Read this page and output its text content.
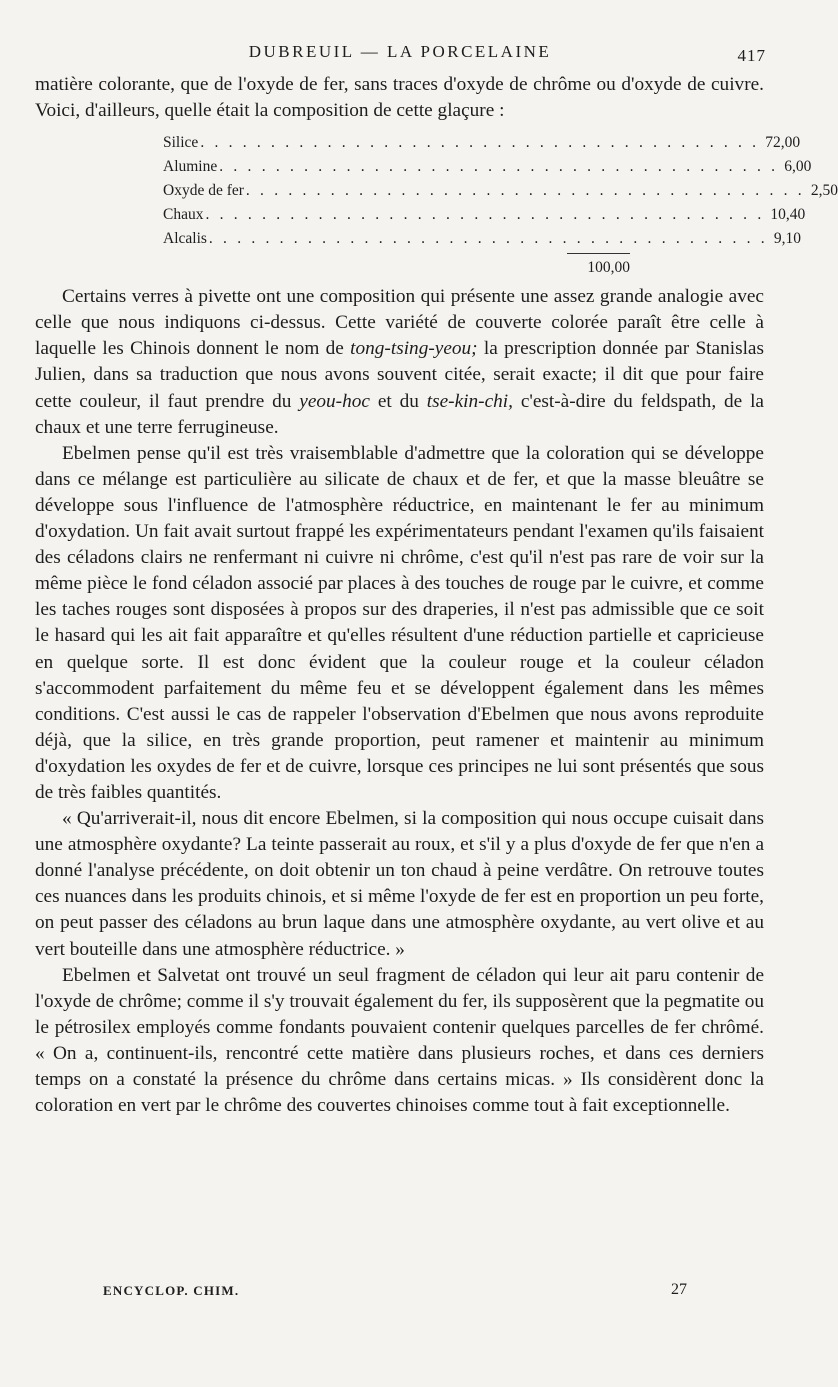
DUBREUIL — LA PORCELAINE	417

matière colorante, que de l'oxyde de fer, sans traces d'oxyde de chrôme ou d'oxyde de cuivre. Voici, d'ailleurs, quelle était la composition de cette glaçure :

Silice . . . . . . . . . . . . . . . . . . . . . . . . . . . . . . . . . . . . . . . . 72,00
Alumine . . . . . . . . . . . . . . . . . . . . . . . . . . . . . . . . . . . . . . . . 6,00
Oxyde de fer . . . . . . . . . . . . . . . . . . . . . . . . . . . . . . . . . . . . . . . . 2,50
Chaux . . . . . . . . . . . . . . . . . . . . . . . . . . . . . . . . . . . . . . . . 10,40
Alcalis . . . . . . . . . . . . . . . . . . . . . . . . . . . . . . . . . . . . . . . . 9,10
100,00

Certains verres à pivette ont une composition qui présente une assez grande analogie avec celle que nous indiquons ci-dessus. Cette variété de couverte colorée paraît être celle à laquelle les Chinois donnent le nom de tong-tsing-yeou; la prescription donnée par Stanislas Julien, dans sa traduction que nous avons souvent citée, serait exacte; il dit que pour faire cette couleur, il faut prendre du yeou-hoc et du tse-kin-chi, c'est-à-dire du feldspath, de la chaux et une terre ferrugineuse.

Ebelmen pense qu'il est très vraisemblable d'admettre que la coloration qui se développe dans ce mélange est particulière au silicate de chaux et de fer, et que la masse bleuâtre se développe sous l'influence de l'atmosphère réductrice, en maintenant le fer au minimum d'oxydation. Un fait avait surtout frappé les expérimentateurs pendant l'examen qu'ils faisaient des céladons clairs ne renfermant ni cuivre ni chrôme, c'est qu'il n'est pas rare de voir sur la même pièce le fond céladon associé par places à des touches de rouge par le cuivre, et comme les taches rouges sont disposées à propos sur des draperies, il n'est pas admissible que ce soit le hasard qui les ait fait apparaître et qu'elles résultent d'une réduction partielle et capricieuse en quelque sorte. Il est donc évident que la couleur rouge et la couleur céladon s'accommodent parfaitement du même feu et se développent également dans les mêmes conditions. C'est aussi le cas de rappeler l'observation d'Ebelmen que nous avons reproduite déjà, que la silice, en très grande proportion, peut ramener et maintenir au minimum d'oxydation les oxydes de fer et de cuivre, lorsque ces principes ne lui sont présentés que sous de très faibles quantités.

« Qu'arriverait-il, nous dit encore Ebelmen, si la composition qui nous occupe cuisait dans une atmosphère oxydante? La teinte passerait au roux, et s'il y a plus d'oxyde de fer que n'en a donné l'analyse précédente, on doit obtenir un ton chaud à peine verdâtre. On retrouve toutes ces nuances dans les produits chinois, et si même l'oxyde de fer est en proportion un peu forte, on peut passer des céladons au brun laque dans une atmosphère oxydante, au vert olive et au vert bouteille dans une atmosphère réductrice. »

Ebelmen et Salvetat ont trouvé un seul fragment de céladon qui leur ait paru contenir de l'oxyde de chrôme; comme il s'y trouvait également du fer, ils supposèrent que la pegmatite ou le pétrosilex employés comme fondants pouvaient contenir quelques parcelles de fer chrômé. « On a, continuent-ils, rencontré cette matière dans plusieurs roches, et dans ces derniers temps on a constaté la présence du chrôme dans certains micas. » Ils considèrent donc la coloration en vert par le chrôme des couvertes chinoises comme tout à fait exceptionnelle.

ENCYCLOP. CHIM.	27
